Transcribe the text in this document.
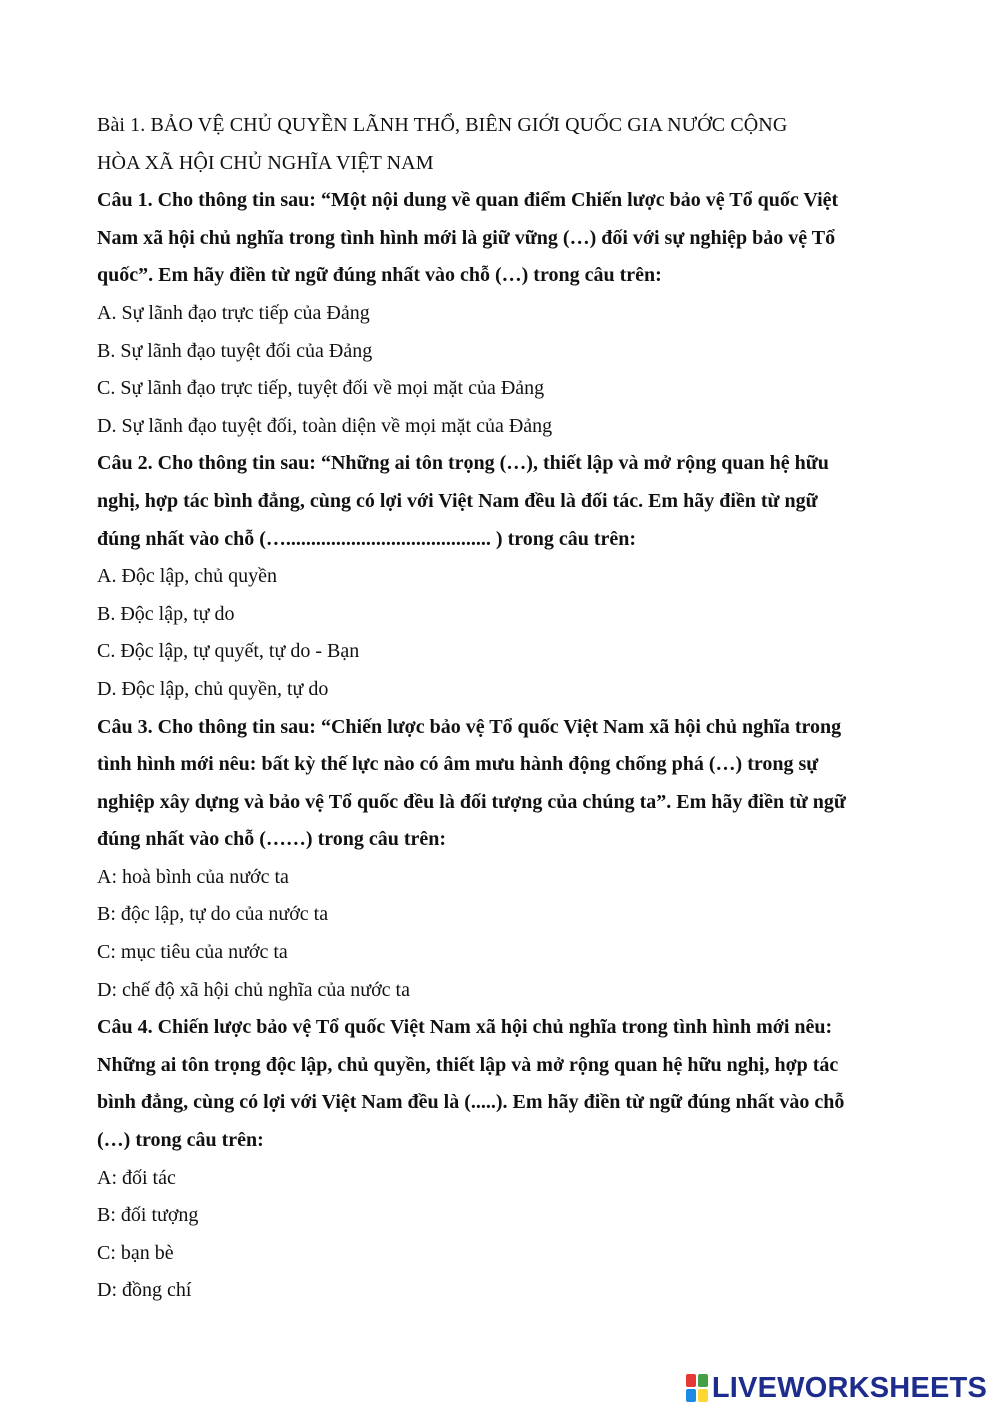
Bài 1. BẢO VỆ CHỦ QUYỀN LÃNH THỔ, BIÊN GIỚI QUỐC GIA NƯỚC CỘNG
HÒA XÃ HỘI CHỦ NGHĨA VIỆT NAM
Câu 1. Cho thông tin sau: “Một nội dung về quan điểm Chiến lược bảo vệ Tổ quốc Việt
Nam xã hội chủ nghĩa trong tình hình mới là giữ vững (…) đối với sự nghiệp bảo vệ Tổ
quốc”. Em hãy điền từ ngữ đúng nhất vào chỗ (…) trong câu trên:
A. Sự lãnh đạo trực tiếp của Đảng
B. Sự lãnh đạo tuyệt đối của Đảng
C. Sự lãnh đạo trực tiếp, tuyệt đối về mọi mặt của Đảng
D. Sự lãnh đạo tuyệt đối, toàn diện về mọi mặt của Đảng
Câu 2. Cho thông tin sau: “Những ai tôn trọng (…), thiết lập và mở rộng quan hệ hữu
nghị, hợp tác bình đẳng, cùng có lợi với Việt Nam đều là đối tác. Em hãy điền từ ngữ
đúng nhất vào chỗ (…......................................... ) trong câu trên:
A. Độc lập, chủ quyền
B. Độc lập, tự do
C. Độc lập, tự quyết, tự do - Bạn
D. Độc lập, chủ quyền, tự do
Câu 3. Cho thông tin sau: “Chiến lược bảo vệ Tổ quốc Việt Nam xã hội chủ nghĩa trong
tình hình mới nêu: bất kỳ thế lực nào có âm mưu hành động chống phá (…) trong sự
nghiệp xây dựng và bảo vệ Tổ quốc đều là đối tượng của chúng ta”. Em hãy điền từ ngữ
đúng nhất vào chỗ (……) trong câu trên:
A: hoà bình của nước ta
B: độc lập, tự do của nước ta
C: mục tiêu của nước ta
D: chế độ xã hội chủ nghĩa của nước ta
Câu 4. Chiến lược bảo vệ Tổ quốc Việt Nam xã hội chủ nghĩa trong tình hình mới nêu:
Những ai tôn trọng độc lập, chủ quyền, thiết lập và mở rộng quan hệ hữu nghị, hợp tác
bình đẳng, cùng có lợi với Việt Nam đều là (.....). Em hãy điền từ ngữ đúng nhất vào chỗ
(…) trong câu trên:
A: đối tác
B: đối tượng
C: bạn bè
D: đồng chí
LIVEWORKSHEETS
